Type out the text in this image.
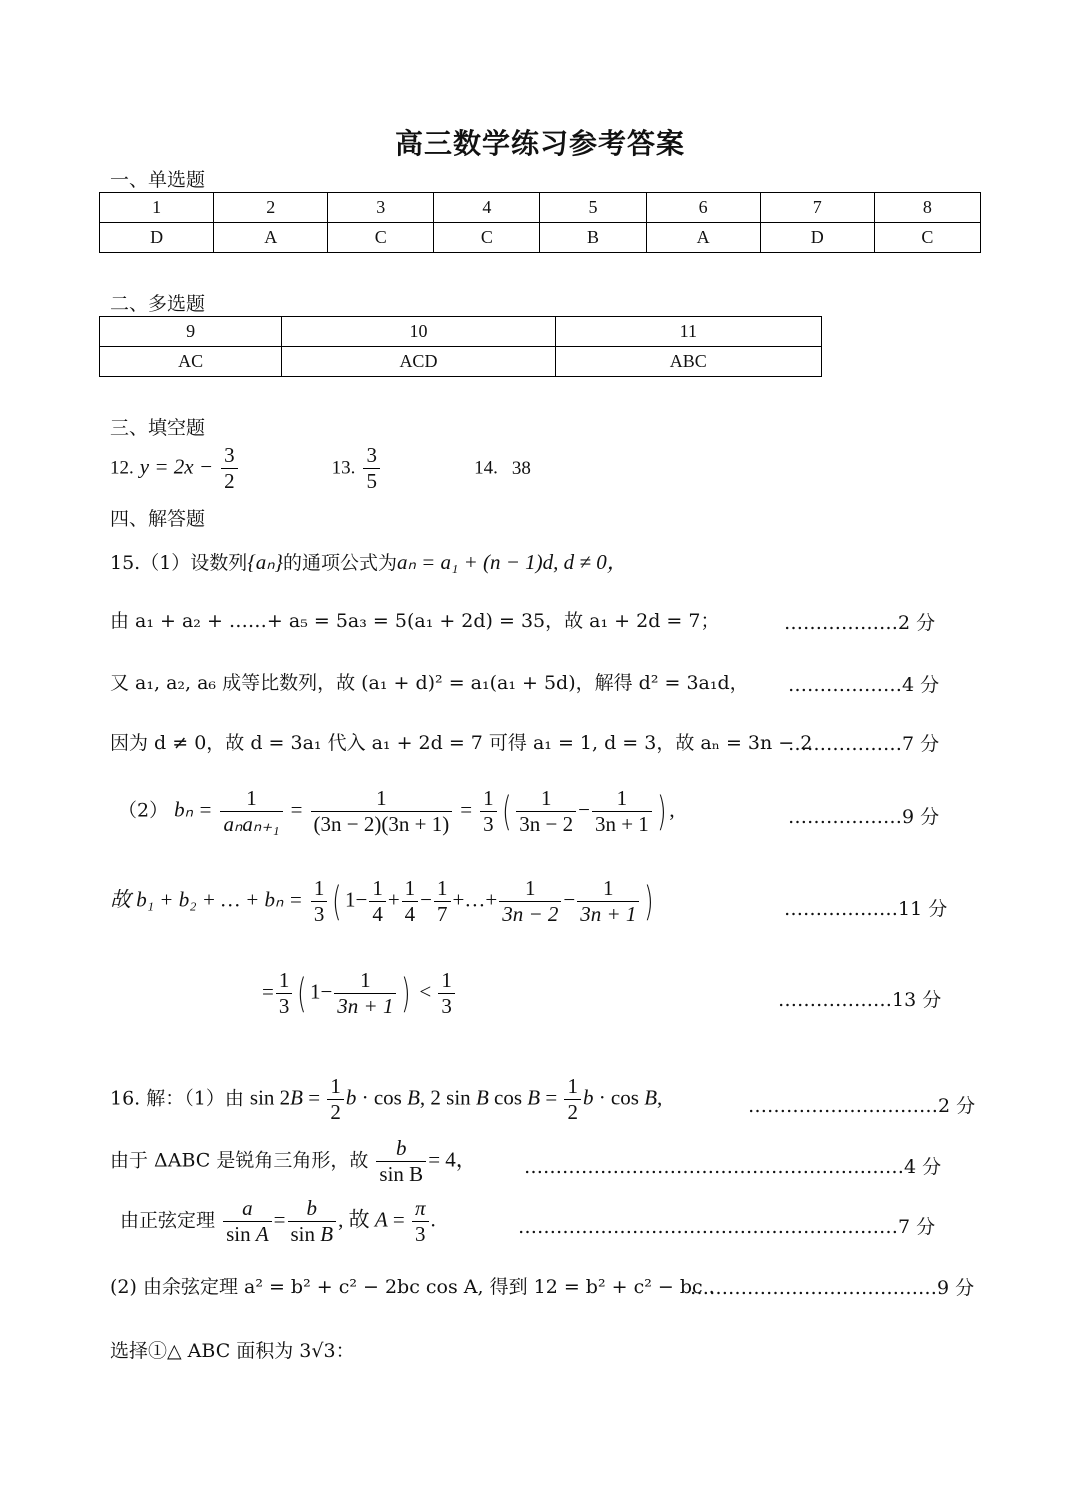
高三数学练习参考答案
一、单选题
1	2	3	4	5	6	7	8
D	A	C	C	B	A	D	C
二、多选题
9	10	11
AC	ACD	ABC
三、填空题
12. $y = 2x - \frac{3}{2}$	13. $\frac{3}{5}$	14. 38
四、解答题
15.（1）设数列{aₙ}的通项公式为aₙ = a₁ + (n − 1)d, d ≠ 0，
由 a₁ + a₂ + ……+ a₅ = 5a₃ = 5(a₁ + 2d) = 35，故 a₁ + 2d = 7；	………………2 分
又 a₁, a₂, a₆ 成等比数列，故 (a₁ + d)² = a₁(a₁ + 5d)，解得 d² = 3a₁d， ………………4 分
因为 d ≠ 0，故 d = 3a₁ 代入 a₁ + 2d = 7 可得 a₁ = 1, d = 3，故 aₙ = 3n − 2
………………7 分
（2） $b_n = \frac{1}{\text{aₙaₙ₊₁}} = \frac{1}{(3n - 2)(3n + 1)} = \frac{1}{3}$ ( $\frac{1}{3n - 2} - \frac{1}{3n + 1}$ ) ,	………………9 分
故 b₁ + b₂ + … + $b_n = \frac{1}{3}$ ( $1- \frac{1}{4} + \frac{1}{4} - \frac{1}{7}$ +…+ $\frac{1}{3n - 2} - \frac{1}{3n + 1}$ )	………………11 分
= $\frac{1}{3}$ ( $1- \frac{1}{3n + 1}$ ) < $\frac{1}{3}$	………………13 分
16. 解：（1）由 $\sin 2B = \frac{1}{2}$ b · cos B, 2 sin B $\cos B = \frac{1}{2}$ b · cos B,	…………………………2 分
由于 ΔABC 是锐角三角形，故 $\frac{b}{\text{sin B}} = 4$， ……………………………………………………4 分
由正弦定理 $\frac{a}{\text{sin A}} = \frac{b}{\text{sin B}}$ , 故 $A = \frac{\pi}{3}$ .	……………………………………………………7 分
(2) 由余弦定理 a² = b² + c² − 2bc cos A, 得到 12 = b² + c² − bc .
…………………………………9 分
选择①△ ABC 面积为 3√3：
